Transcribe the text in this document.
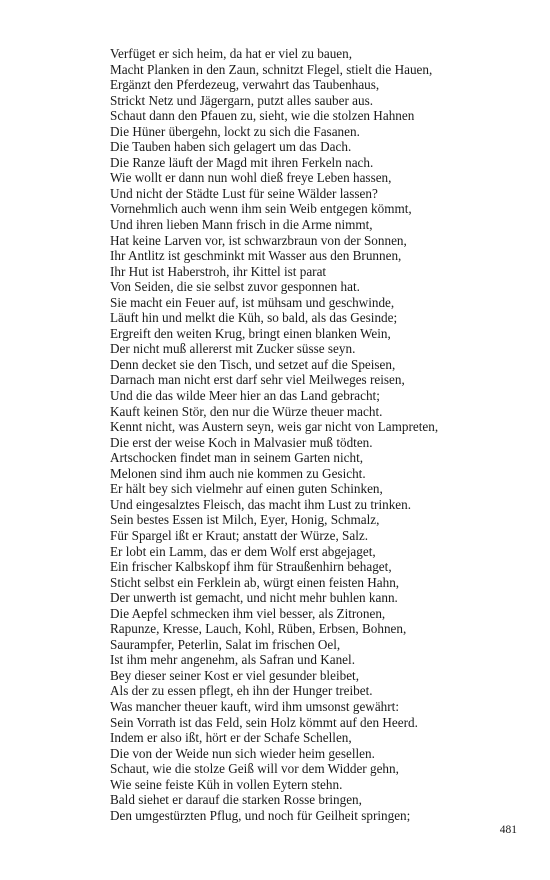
Verfüget er sich heim, da hat er viel zu bauen,
Macht Planken in den Zaun, schnitzt Flegel, stielt die Hauen,
Ergänzt den Pferdezeug, verwahrt das Taubenhaus,
Strickt Netz und Jägergarn, putzt alles sauber aus.
Schaut dann den Pfauen zu, sieht, wie die stolzen Hahnen
Die Hüner übergehn, lockt zu sich die Fasanen.
Die Tauben haben sich gelagert um das Dach.
Die Ranze läuft der Magd mit ihren Ferkeln nach.
Wie wollt er dann nun wohl dieß freye Leben hassen,
Und nicht der Städte Lust für seine Wälder lassen?
Vornehmlich auch wenn ihm sein Weib entgegen kömmt,
Und ihren lieben Mann frisch in die Arme nimmt,
Hat keine Larven vor, ist schwarzbraun von der Sonnen,
Ihr Antlitz ist geschminkt mit Wasser aus den Brunnen,
Ihr Hut ist Haberstroh, ihr Kittel ist parat
Von Seiden, die sie selbst zuvor gesponnen hat.
Sie macht ein Feuer auf, ist mühsam und geschwinde,
Läuft hin und melkt die Küh, so bald, als das Gesinde;
Ergreift den weiten Krug, bringt einen blanken Wein,
Der nicht muß allererst mit Zucker süsse seyn.
Denn decket sie den Tisch, und setzet auf die Speisen,
Darnach man nicht erst darf sehr viel Meilweges reisen,
Und die das wilde Meer hier an das Land gebracht;
Kauft keinen Stör, den nur die Würze theuer macht.
Kennt nicht, was Austern seyn, weis gar nicht von Lampreten,
Die erst der weise Koch in Malvasier muß tödten.
Artschocken findet man in seinem Garten nicht,
Melonen sind ihm auch nie kommen zu Gesicht.
Er hält bey sich vielmehr auf einen guten Schinken,
Und eingesalztes Fleisch, das macht ihm Lust zu trinken.
Sein bestes Essen ist Milch, Eyer, Honig, Schmalz,
Für Spargel ißt er Kraut; anstatt der Würze, Salz.
Er lobt ein Lamm, das er dem Wolf erst abgejaget,
Ein frischer Kalbskopf ihm für Straußenhirn behaget,
Sticht selbst ein Ferklein ab, würgt einen feisten Hahn,
Der unwerth ist gemacht, und nicht mehr buhlen kann.
Die Aepfel schmecken ihm viel besser, als Zitronen,
Rapunze, Kresse, Lauch, Kohl, Rüben, Erbsen, Bohnen,
Saurampfer, Peterlin, Salat im frischen Oel,
Ist ihm mehr angenehm, als Safran und Kanel.
Bey dieser seiner Kost er viel gesunder bleibet,
Als der zu essen pflegt, eh ihn der Hunger treibet.
Was mancher theuer kauft, wird ihm umsonst gewährt:
Sein Vorrath ist das Feld, sein Holz kömmt auf den Heerd.
Indem er also ißt, hört er der Schafe Schellen,
Die von der Weide nun sich wieder heim gesellen.
Schaut, wie die stolze Geiß will vor dem Widder gehn,
Wie seine feiste Küh in vollen Eytern stehn.
Bald siehet er darauf die starken Rosse bringen,
Den umgestürzten Pflug, und noch für Geilheit springen;
481
